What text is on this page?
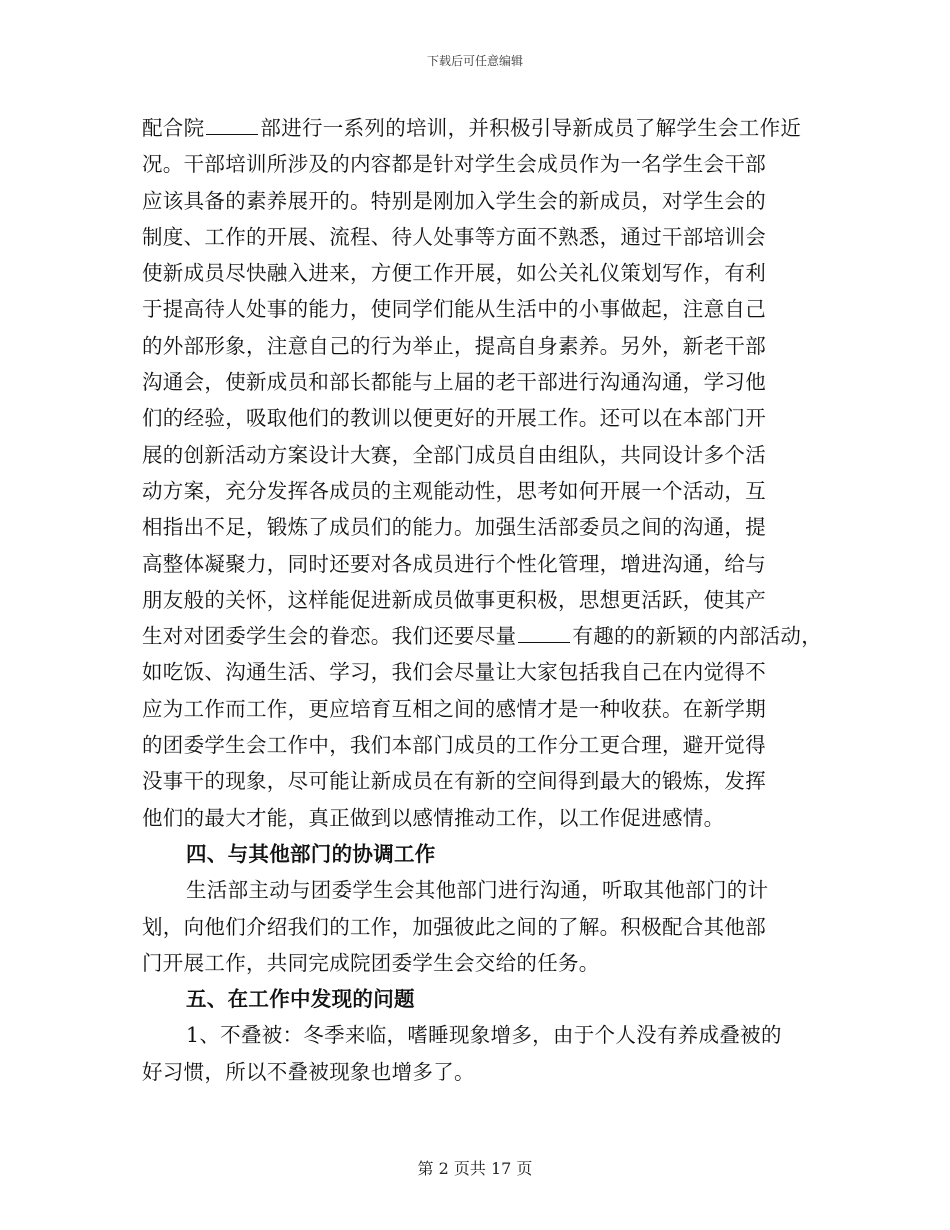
下载后可任意编辑
配合院	部进行一系列的培训，并积极引导新成员了解学生会工作近
况。干部培训所涉及的内容都是针对学生会成员作为一名学生会干部
应该具备的素养展开的。特别是刚加入学生会的新成员，对学生会的
制度、工作的开展、流程、待人处事等方面不熟悉，通过干部培训会
使新成员尽快融入进来，方便工作开展，如公关礼仪策划写作，有利
于提高待人处事的能力，使同学们能从生活中的小事做起，注意自己
的外部形象，注意自己的行为举止，提高自身素养。另外，新老干部
沟通会，使新成员和部长都能与上届的老干部进行沟通沟通，学习他
们的经验，吸取他们的教训以便更好的开展工作。还可以在本部门开
展的创新活动方案设计大赛，全部门成员自由组队，共同设计多个活
动方案，充分发挥各成员的主观能动性，思考如何开展一个活动，互
相指出不足，锻炼了成员们的能力。加强生活部委员之间的沟通，提
高整体凝聚力，同时还要对各成员进行个性化管理，增进沟通，给与
朋友般的关怀，这样能促进新成员做事更积极，思想更活跃，使其产
生对对团委学生会的眷恋。我们还要尽量	有趣的的新颖的内部活动，
如吃饭、沟通生活、学习，我们会尽量让大家包括我自己在内觉得不
应为工作而工作，更应培育互相之间的感情才是一种收获。在新学期
的团委学生会工作中，我们本部门成员的工作分工更合理，避开觉得
没事干的现象，尽可能让新成员在有新的空间得到最大的锻炼，发挥
他们的最大才能，真正做到以感情推动工作，以工作促进感情。
四、与其他部门的协调工作
生活部主动与团委学生会其他部门进行沟通，听取其他部门的计
划，向他们介绍我们的工作，加强彼此之间的了解。积极配合其他部
门开展工作，共同完成院团委学生会交给的任务。
五、在工作中发现的问题
1、不叠被：冬季来临，嗜睡现象增多，由于个人没有养成叠被的
好习惯，所以不叠被现象也增多了。
第 2 页共 17 页
